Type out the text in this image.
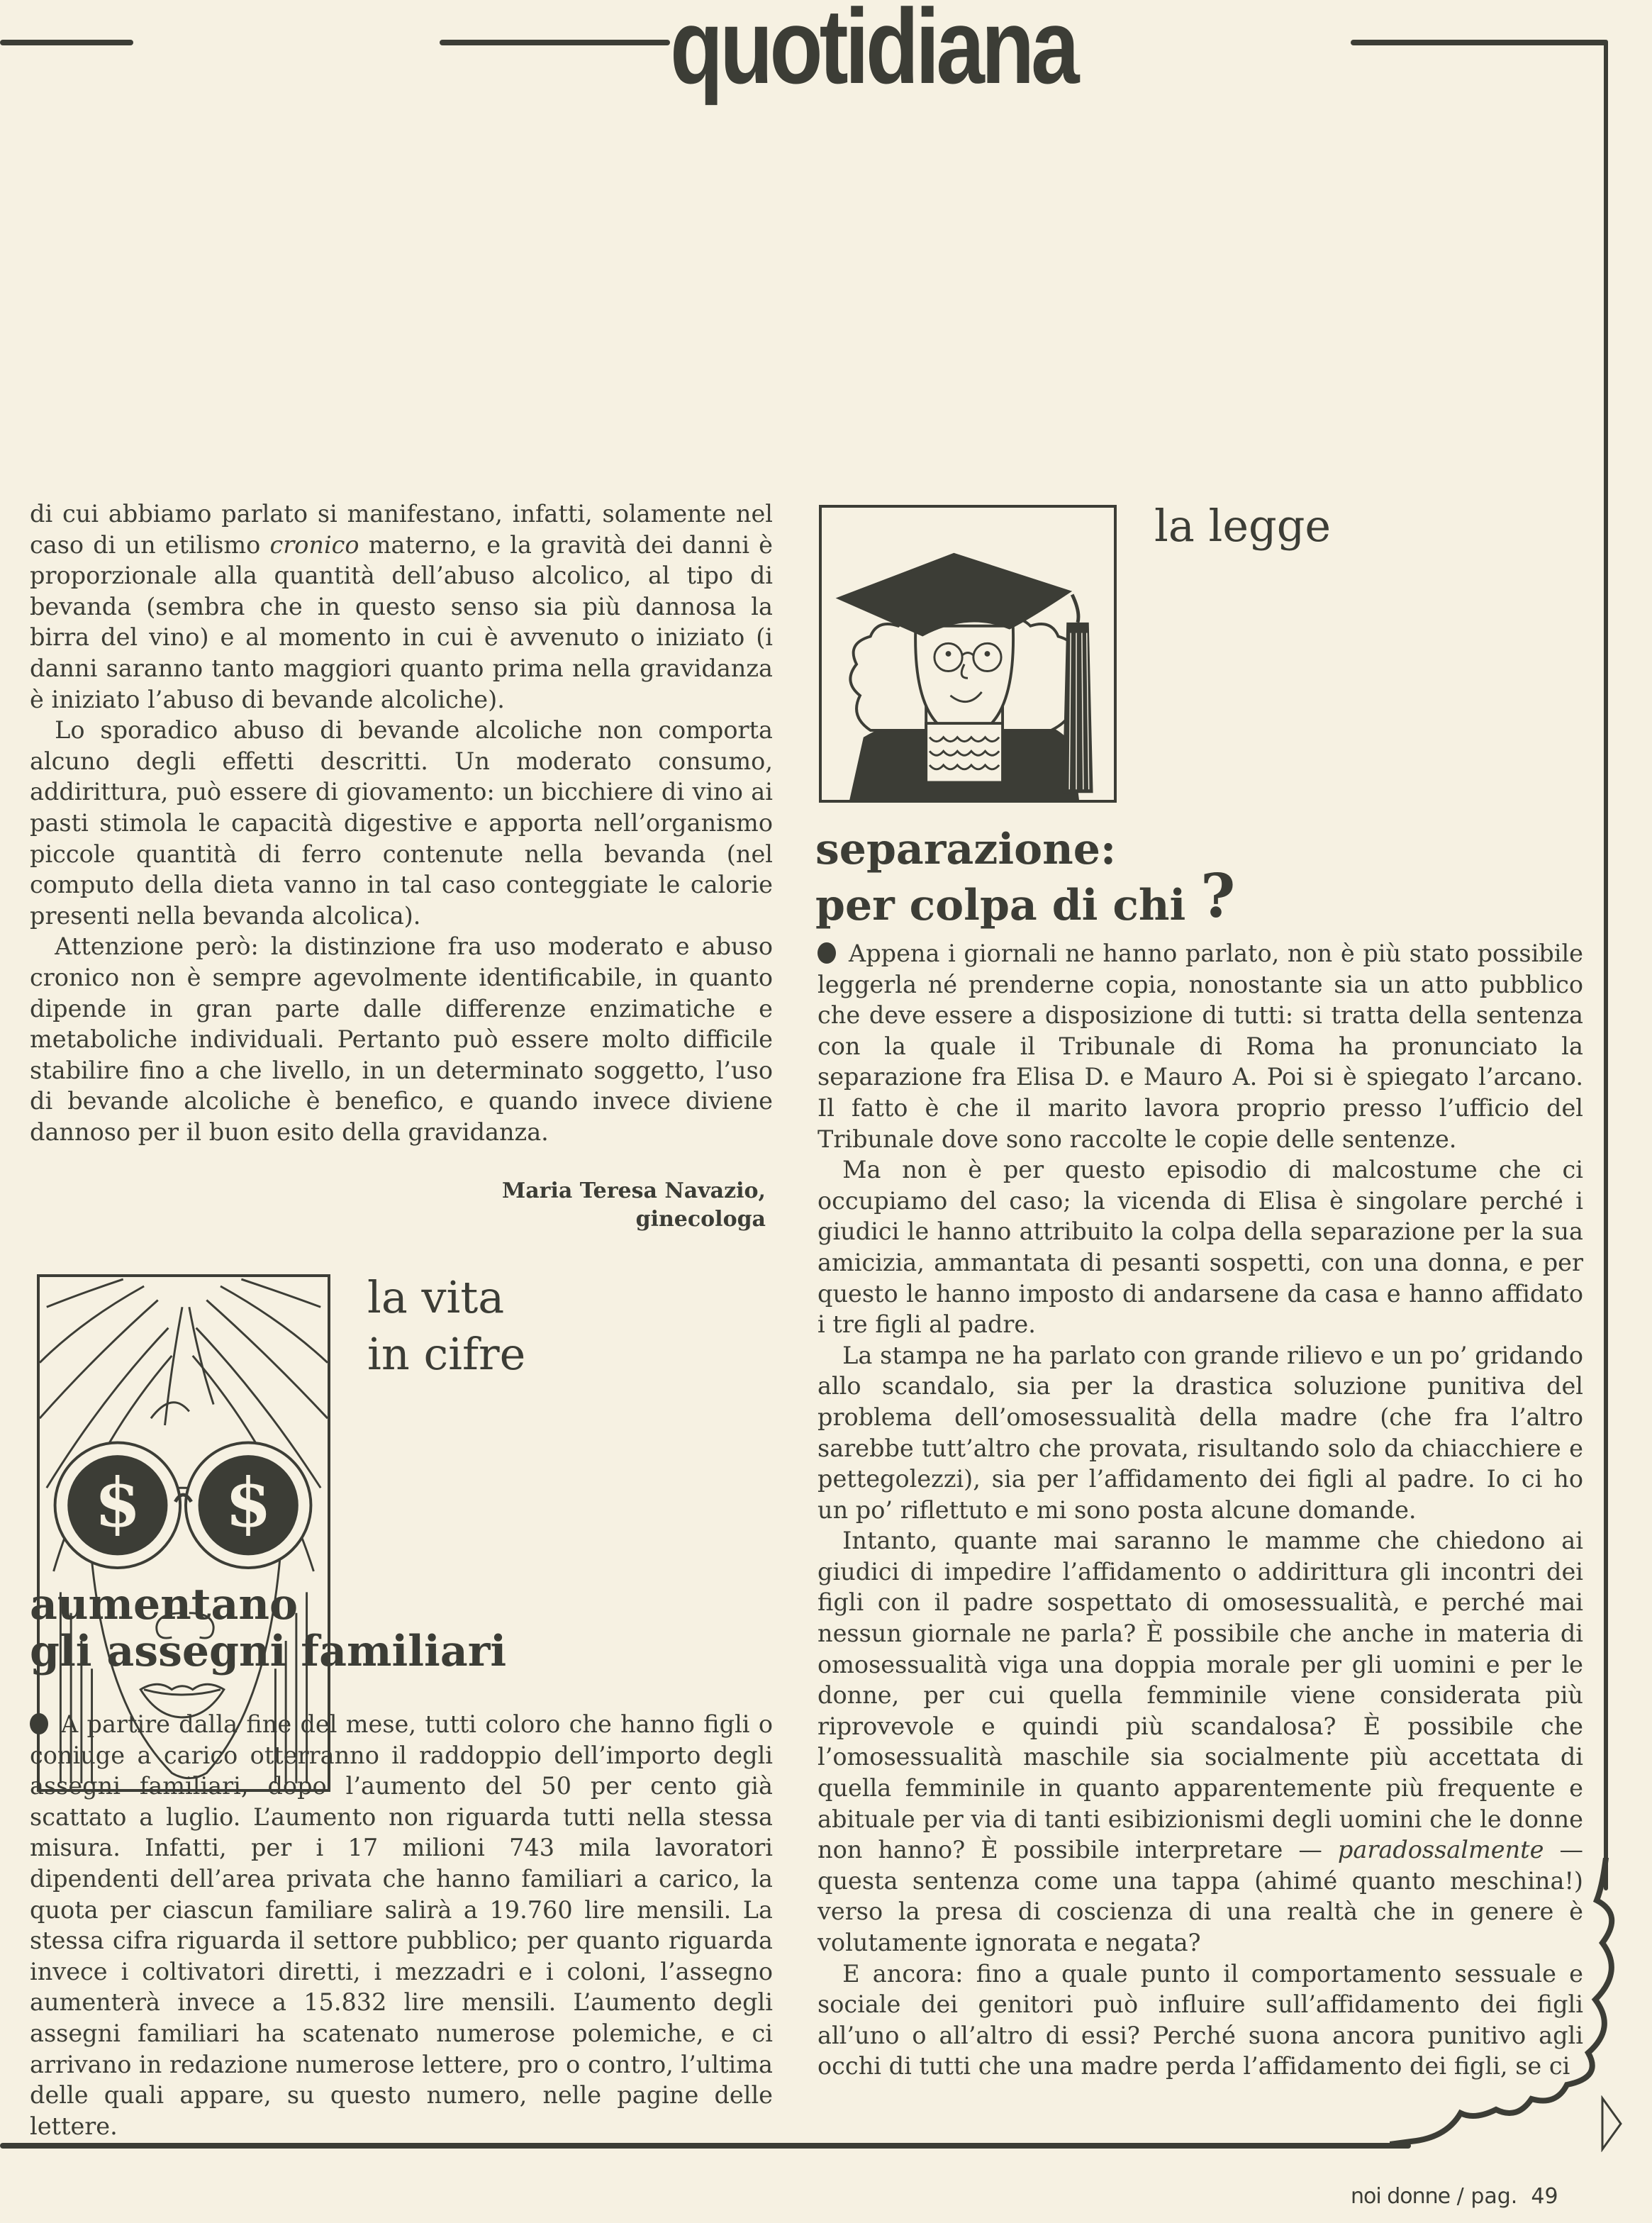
quotidiana

di cui abbiamo parlato si manifestano, infatti, solamente nel caso di un etilismo cronico materno, e la gravità dei danni è proporzionale alla quantità dell’abuso alcolico, al tipo di bevanda (sembra che in questo senso sia più dannosa la birra del vino) e al momento in cui è avvenuto o iniziato (i danni saranno tanto maggiori quanto prima nella gravidanza è iniziato l’abuso di bevande alcoliche).

Lo sporadico abuso di bevande alcoliche non comporta alcuno degli effetti descritti. Un moderato consumo, addirittura, può essere di giovamento: un bicchiere di vino ai pasti stimola le capacità digestive e apporta nell’organismo piccole quantità di ferro contenute nella bevanda (nel computo della dieta vanno in tal caso conteggiate le calorie presenti nella bevanda alcolica).

Attenzione però: la distinzione fra uso moderato e abuso cronico non è sempre agevolmente identificabile, in quanto dipende in gran parte dalle differenze enzimatiche e metaboliche individuali. Pertanto può essere molto difficile stabilire fino a che livello, in un determinato soggetto, l’uso di bevande alcoliche è benefico, e quando invece diviene dannoso per il buon esito della gravidanza.

Maria Teresa Navazio,
ginecologa
$ $
la vita
in cifre
aumentano
gli assegni familiari

A partire dalla fine del mese, tutti coloro che hanno figli o coniuge a carico otterranno il raddoppio dell’importo degli assegni familiari, dopo l’aumento del 50 per cento già scattato a luglio. L’aumento non riguarda tutti nella stessa misura. Infatti, per i 17 milioni 743 mila lavoratori dipendenti dell’area privata che hanno familiari a carico, la quota per ciascun familiare salirà a 19.760 lire mensili. La stessa cifra riguarda il settore pubblico; per quanto riguarda invece i coltivatori diretti, i mezzadri e i coloni, l’assegno aumenterà invece a 15.832 lire mensili. L’aumento degli assegni familiari ha scatenato numerose polemiche, e ci arrivano in redazione numerose lettere, pro o contro, l’ultima delle quali appare, su questo numero, nelle pagine delle lettere.

la legge
separazione:
per colpa di chi ?

Appena i giornali ne hanno parlato, non è più stato possibile leggerla né prenderne copia, nonostante sia un atto pubblico che deve essere a disposizione di tutti: si tratta della sentenza con la quale il Tribunale di Roma ha pronunciato la separazione fra Elisa D. e Mauro A. Poi si è spiegato l’arcano. Il fatto è che il marito lavora proprio presso l’ufficio del Tribunale dove sono raccolte le copie delle sentenze.

Ma non è per questo episodio di malcostume che ci occupiamo del caso; la vicenda di Elisa è singolare perché i giudici le hanno attribuito la colpa della separazione per la sua amicizia, ammantata di pesanti sospetti, con una donna, e per questo le hanno imposto di andarsene da casa e hanno affidato i tre figli al padre.

La stampa ne ha parlato con grande rilievo e un po’ gridando allo scandalo, sia per la drastica soluzione punitiva del problema dell’omosessualità della madre (che fra l’altro sarebbe tutt’altro che provata, risultando solo da chiacchiere e pettegolezzi), sia per l’affidamento dei figli al padre. Io ci ho un po’ riflettuto e mi sono posta alcune domande.

Intanto, quante mai saranno le mamme che chiedono ai giudici di impedire l’affidamento o addirittura gli incontri dei figli con il padre sospettato di omosessualità, e perché mai nessun giornale ne parla? È possibile che anche in materia di omosessualità viga una doppia morale per gli uomini e per le donne, per cui quella femminile viene considerata più riprovevole e quindi più scandalosa? È possibile che l’omosessualità maschile sia socialmente più accettata di quella femminile in quanto apparentemente più frequente e abituale per via di tanti esibizionismi degli uomini che le donne non hanno? È possibile interpretare — paradossalmente — questa sentenza come una tappa (ahimé quanto meschina!) verso la presa di coscienza di una realtà che in genere è volutamente ignorata e negata?

E ancora: fino a quale punto il comportamento sessuale e sociale dei genitori può influire sull’affidamento dei figli all’uno o all’altro di essi? Perché suona ancora punitivo agli occhi di tutti che una madre perda l’affidamento dei figli, se ci

noi donne / pag. 49
